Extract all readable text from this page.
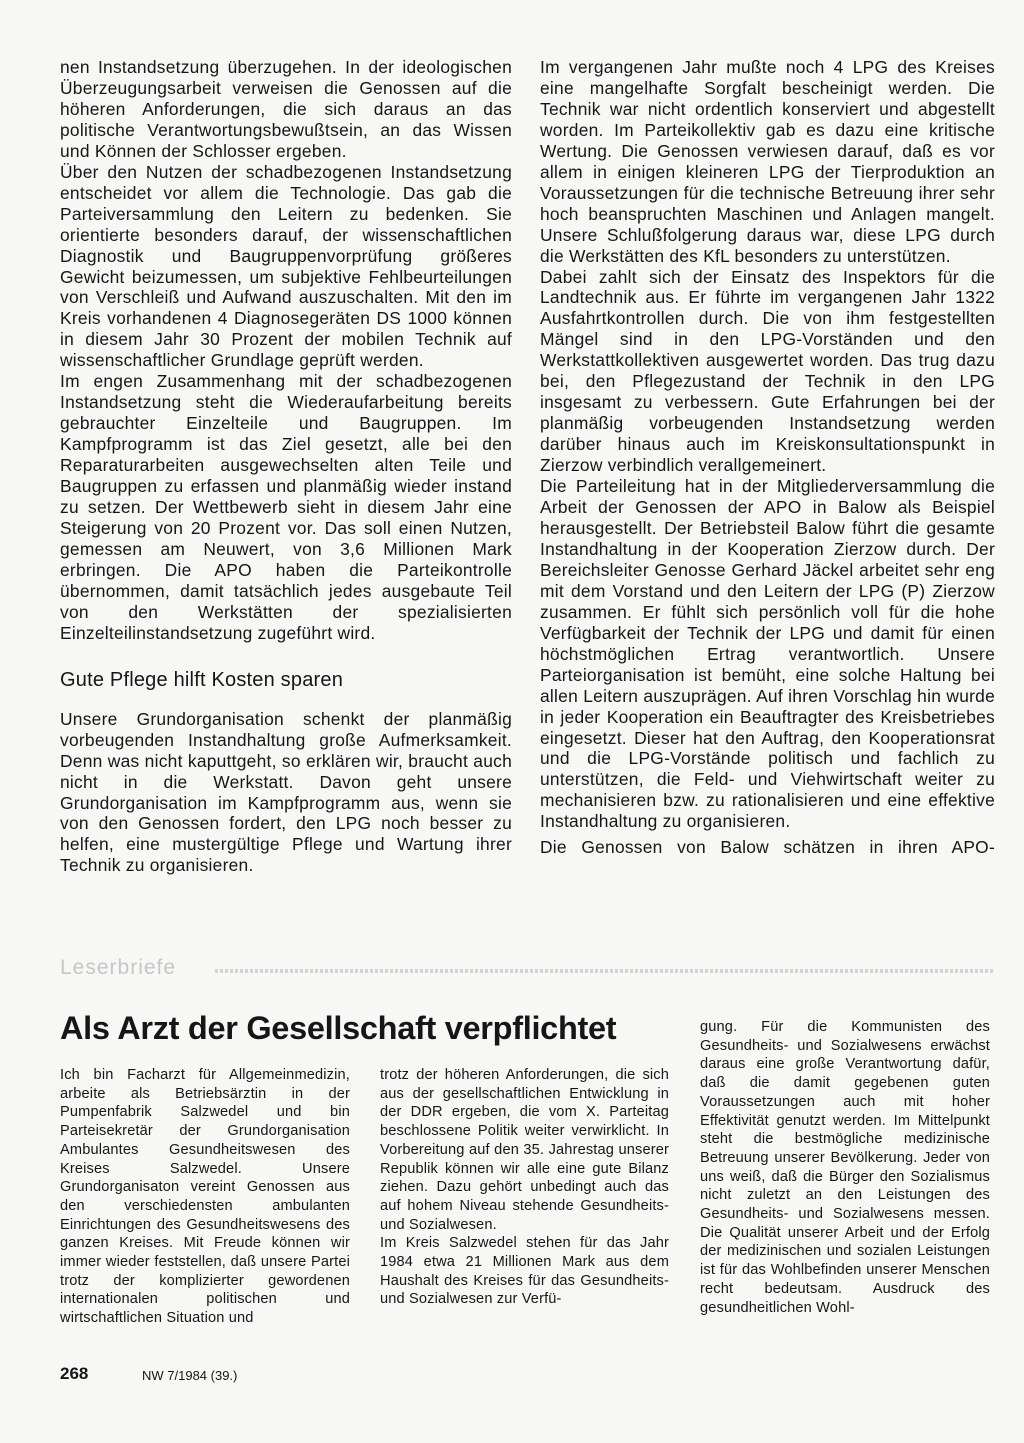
nen Instandsetzung überzugehen. In der ideologischen Überzeugungsarbeit verweisen die Genossen auf die höheren Anforderungen, die sich daraus an das politische Verantwortungsbewußtsein, an das Wissen und Können der Schlosser ergeben.

Über den Nutzen der schadbezogenen Instandsetzung entscheidet vor allem die Technologie. Das gab die Parteiversammlung den Leitern zu bedenken. Sie orientierte besonders darauf, der wissenschaftlichen Diagnostik und Baugruppenvorprüfung größeres Gewicht beizumessen, um subjektive Fehlbeurteilungen von Verschleiß und Aufwand auszuschalten. Mit den im Kreis vorhandenen 4 Diagnosegeräten DS 1000 können in diesem Jahr 30 Prozent der mobilen Technik auf wissenschaftlicher Grundlage geprüft werden.

Im engen Zusammenhang mit der schadbezogenen Instandsetzung steht die Wiederaufarbeitung bereits gebrauchter Einzelteile und Baugruppen. Im Kampfprogramm ist das Ziel gesetzt, alle bei den Reparaturarbeiten ausgewechselten alten Teile und Baugruppen zu erfassen und planmäßig wieder instand zu setzen. Der Wettbewerb sieht in diesem Jahr eine Steigerung von 20 Prozent vor. Das soll einen Nutzen, gemessen am Neuwert, von 3,6 Millionen Mark erbringen. Die APO haben die Parteikontrolle übernommen, damit tatsächlich jedes ausgebaute Teil von den Werkstätten der spezialisierten Einzelteilinstandsetzung zugeführt wird.

Gute Pflege hilft Kosten sparen

Unsere Grundorganisation schenkt der planmäßig vorbeugenden Instandhaltung große Aufmerksamkeit. Denn was nicht kaputtgeht, so erklären wir, braucht auch nicht in die Werkstatt. Davon geht unsere Grundorganisation im Kampfprogramm aus, wenn sie von den Genossen fordert, den LPG noch besser zu helfen, eine mustergültige Pflege und Wartung ihrer Technik zu organisieren.

Im vergangenen Jahr mußte noch 4 LPG des Kreises eine mangelhafte Sorgfalt bescheinigt werden. Die Technik war nicht ordentlich konserviert und abgestellt worden. Im Parteikollektiv gab es dazu eine kritische Wertung. Die Genossen verwiesen darauf, daß es vor allem in einigen kleineren LPG der Tierproduktion an Voraussetzungen für die technische Betreuung ihrer sehr hoch beanspruchten Maschinen und Anlagen mangelt. Unsere Schlußfolgerung daraus war, diese LPG durch die Werkstätten des KfL besonders zu unterstützen.

Dabei zahlt sich der Einsatz des Inspektors für die Landtechnik aus. Er führte im vergangenen Jahr 1322 Ausfahrtkontrollen durch. Die von ihm festgestellten Mängel sind in den LPG-Vorständen und den Werkstattkollektiven ausgewertet worden. Das trug dazu bei, den Pflegezustand der Technik in den LPG insgesamt zu verbessern. Gute Erfahrungen bei der planmäßig vorbeugenden Instandsetzung werden darüber hinaus auch im Kreiskonsultationspunkt in Zierzow verbindlich verallgemeinert.

Die Parteileitung hat in der Mitgliederversammlung die Arbeit der Genossen der APO in Balow als Beispiel herausgestellt. Der Betriebsteil Balow führt die gesamte Instandhaltung in der Kooperation Zierzow durch. Der Bereichsleiter Genosse Gerhard Jäckel arbeitet sehr eng mit dem Vorstand und den Leitern der LPG (P) Zierzow zusammen. Er fühlt sich persönlich voll für die hohe Verfügbarkeit der Technik der LPG und damit für einen höchstmöglichen Ertrag verantwortlich. Unsere Parteiorganisation ist bemüht, eine solche Haltung bei allen Leitern auszuprägen. Auf ihren Vorschlag hin wurde in jeder Kooperation ein Beauftragter des Kreisbetriebes eingesetzt. Dieser hat den Auftrag, den Kooperationsrat und die LPG-Vorstände politisch und fachlich zu unterstützen, die Feld- und Viehwirtschaft weiter zu mechanisieren bzw. zu rationalisieren und eine effektive Instandhaltung zu organisieren.

Die Genossen von Balow schätzen in ihren APO-

Leserbriefe
Als Arzt der Gesellschaft verpflichtet

Ich bin Facharzt für Allgemeinmedizin, arbeite als Betriebsärztin in der Pumpenfabrik Salzwedel und bin Parteisekretär der Grundorganisation Ambulantes Gesundheitswesen des Kreises Salzwedel. Unsere Grundorganisaton vereint Genossen aus den verschiedensten ambulanten Einrichtungen des Gesundheitswesens des ganzen Kreises. Mit Freude können wir immer wieder feststellen, daß unsere Partei trotz der komplizierter gewordenen internationalen politischen und wirtschaftlichen Situation und

trotz der höheren Anforderungen, die sich aus der gesellschaftlichen Entwicklung in der DDR ergeben, die vom X. Parteitag beschlossene Politik weiter verwirklicht. In Vorbereitung auf den 35. Jahrestag unserer Republik können wir alle eine gute Bilanz ziehen. Dazu gehört unbedingt auch das auf hohem Niveau stehende Gesundheits- und Sozialwesen.

Im Kreis Salzwedel stehen für das Jahr 1984 etwa 21 Millionen Mark aus dem Haushalt des Kreises für das Gesundheits- und Sozialwesen zur Verfü-

gung. Für die Kommunisten des Gesundheits- und Sozialwesens erwächst daraus eine große Verantwortung dafür, daß die damit gegebenen guten Voraussetzungen auch mit hoher Effektivität genutzt werden. Im Mittelpunkt steht die bestmögliche medizinische Betreuung unserer Bevölkerung. Jeder von uns weiß, daß die Bürger den Sozialismus nicht zuletzt an den Leistungen des Gesundheits- und Sozialwesens messen. Die Qualität unserer Arbeit und der Erfolg der medizinischen und sozialen Leistungen ist für das Wohlbefinden unserer Menschen recht bedeutsam. Ausdruck des gesundheitlichen Wohl-

268	NW 7/1984 (39.)
